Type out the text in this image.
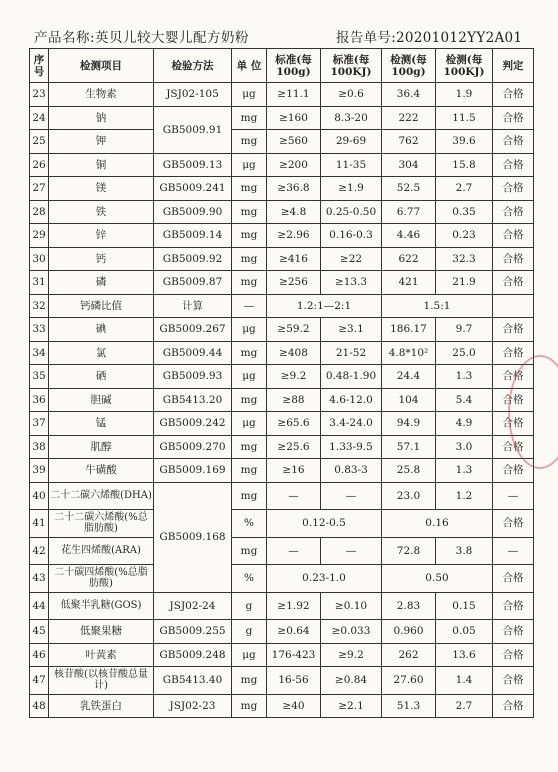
产品名称:英贝儿较大婴儿配方奶粉	报告单号:20201012YY2A01
序号	检测项目	检验方法	单 位	标准(每100g)	标准(每100KJ)	检测(每100g)	检测(每100KJ)	判定
23	生物素	JSJ02-105	μg	≥11.1	≥0.6	36.4	1.9	合格
24	钠	GB5009.91	mg	≥160	8.3-20	222	11.5	合格
25	钾		mg	≥560	29-69	762	39.6	合格
26	铜	GB5009.13	μg	≥200	11-35	304	15.8	合格
27	镁	GB5009.241	mg	≥36.8	≥1.9	52.5	2.7	合格
28	铁	GB5009.90	mg	≥4.8	0.25-0.50	6.77	0.35	合格
29	锌	GB5009.14	mg	≥2.96	0.16-0.3	4.46	0.23	合格
30	钙	GB5009.92	mg	≥416	≥22	622	32.3	合格
31	磷	GB5009.87	mg	≥256	≥13.3	421	21.9	合格
32	钙磷比值	计算	—	1.2:1—2:1		1.5:1		
33	碘	GB5009.267	μg	≥59.2	≥3.1	186.17	9.7	合格
34	氯	GB5009.44	mg	≥408	21-52	4.8*10²	25.0	合格
35	硒	GB5009.93	μg	≥9.2	0.48-1.90	24.4	1.3	合格
36	胆碱	GB5413.20	mg	≥88	4.6-12.0	104	5.4	合格
37	锰	GB5009.242	μg	≥65.6	3.4-24.0	94.9	4.9	合格
38	肌醇	GB5009.270	mg	≥25.6	1.33-9.5	57.1	3.0	合格
39	牛磺酸	GB5009.169	mg	≥16	0.83-3	25.8	1.3	合格
40	二十二碳六烯酸(DHA)	GB5009.168	mg	—	—	23.0	1.2	—
41	二十二碳六烯酸(%总脂肪酸)		%	0.12-0.5		0.16		合格
42	花生四烯酸(ARA)		mg	—	—	72.8	3.8	—
43	二十碳四烯酸(%总脂肪酸)		%	0.23-1.0		0.50		合格
44	低聚半乳糖(GOS)	JSJ02-24	g	≥1.92	≥0.10	2.83	0.15	合格
45	低聚果糖	GB5009.255	g	≥0.64	≥0.033	0.960	0.05	合格
46	叶黄素	GB5009.248	μg	176-423	≥9.2	262	13.6	合格
47	核苷酸(以核苷酸总量计)	GB5413.40	mg	16-56	≥0.84	27.60	1.4	合格
48	乳铁蛋白	JSJ02-23	mg	≥40	≥2.1	51.3	2.7	合格
